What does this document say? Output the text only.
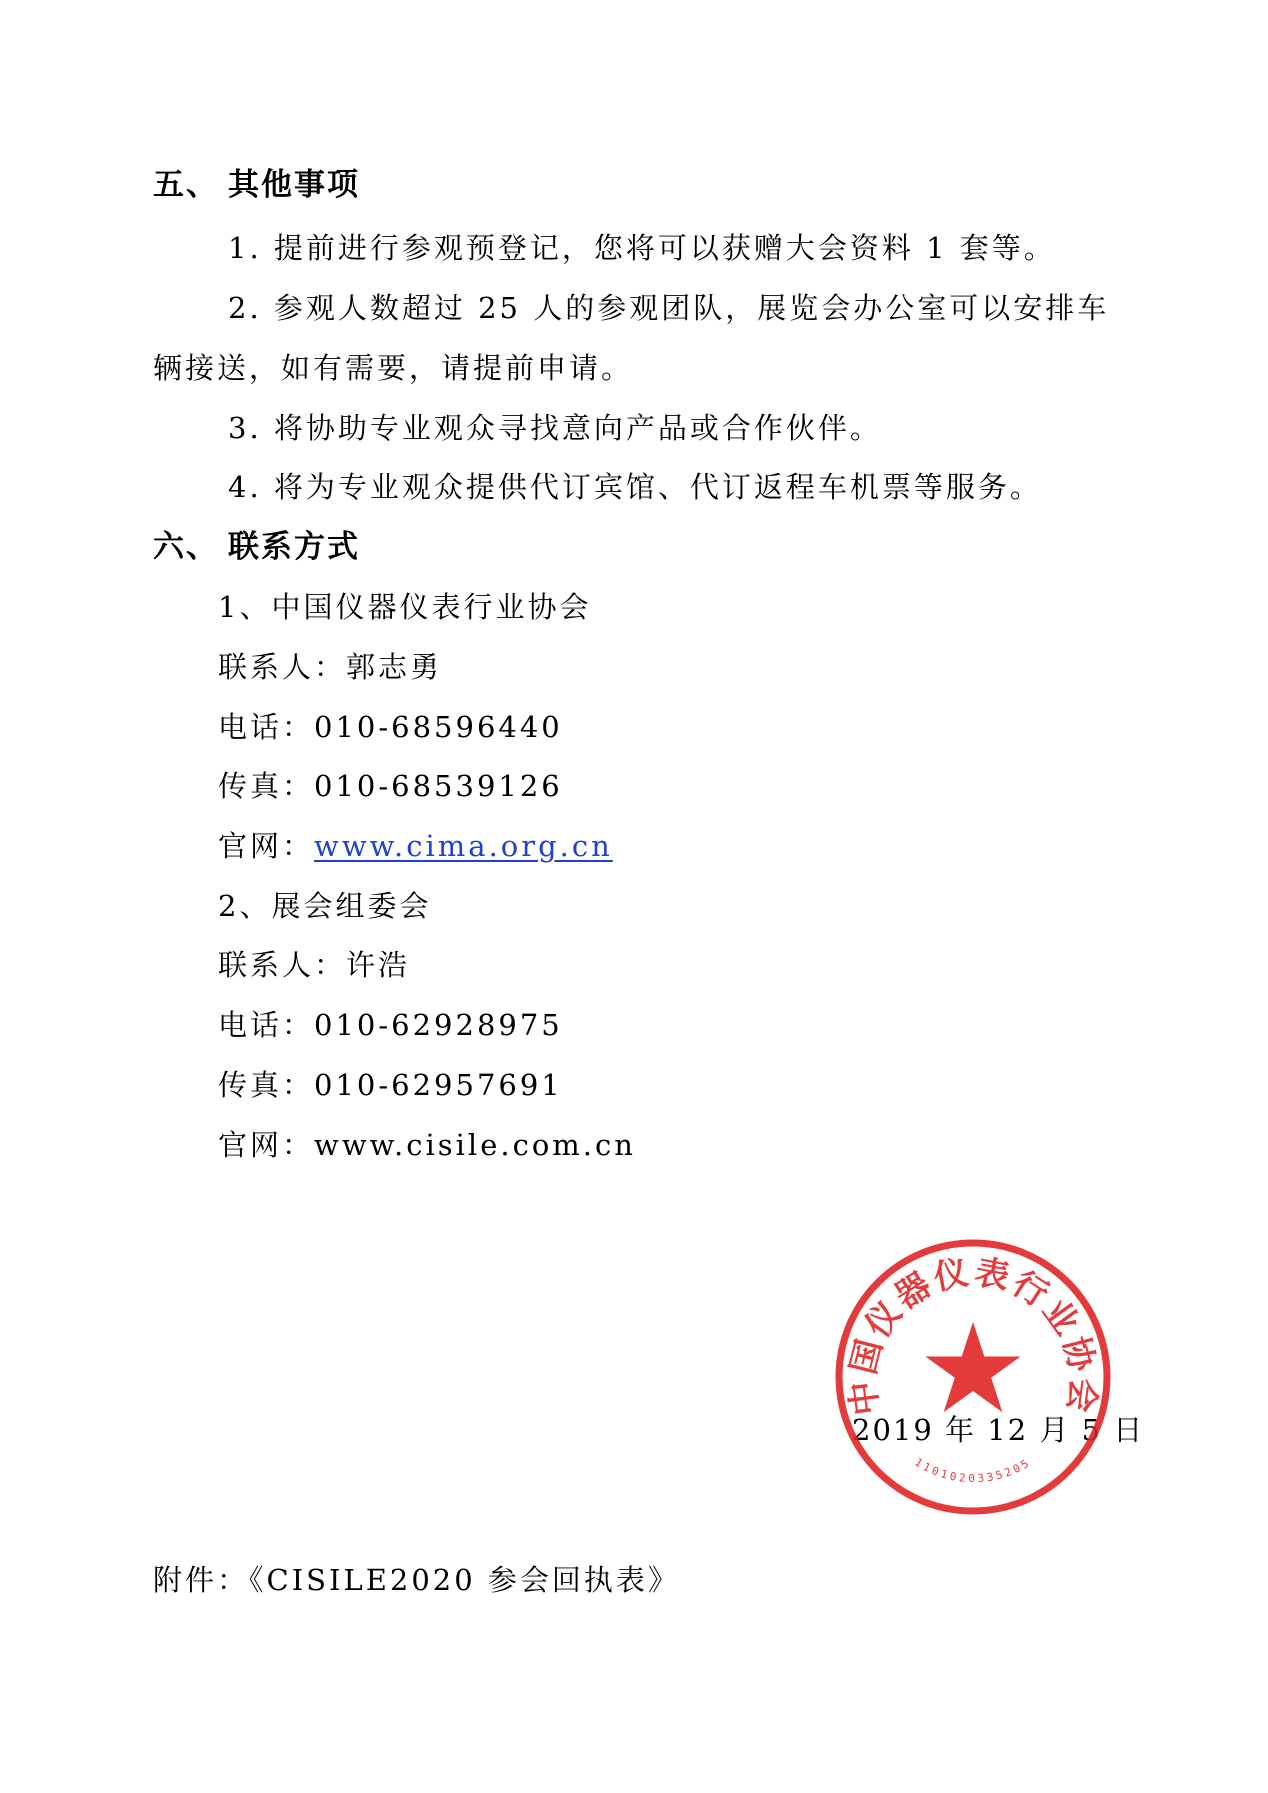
五、 其他事项
1. 提前进行参观预登记，您将可以获赠大会资料 1 套等。
2. 参观人数超过 25 人的参观团队，展览会办公室可以安排车
辆接送，如有需要，请提前申请。
3. 将协助专业观众寻找意向产品或合作伙伴。
4. 将为专业观众提供代订宾馆、代订返程车机票等服务。
六、 联系方式
1、中国仪器仪表行业协会
联系人：郭志勇
电话：010-68596440
传真：010-68539126
官网：www.cima.org.cn
2、展会组委会
联系人：许浩
电话：010-62928975
传真：010-62957691
官网：www.cisile.com.cn
2019 年 12 月 5 日
中国仪器仪表行业协会
1101020335205
附件：《CISILE2020 参会回执表》
